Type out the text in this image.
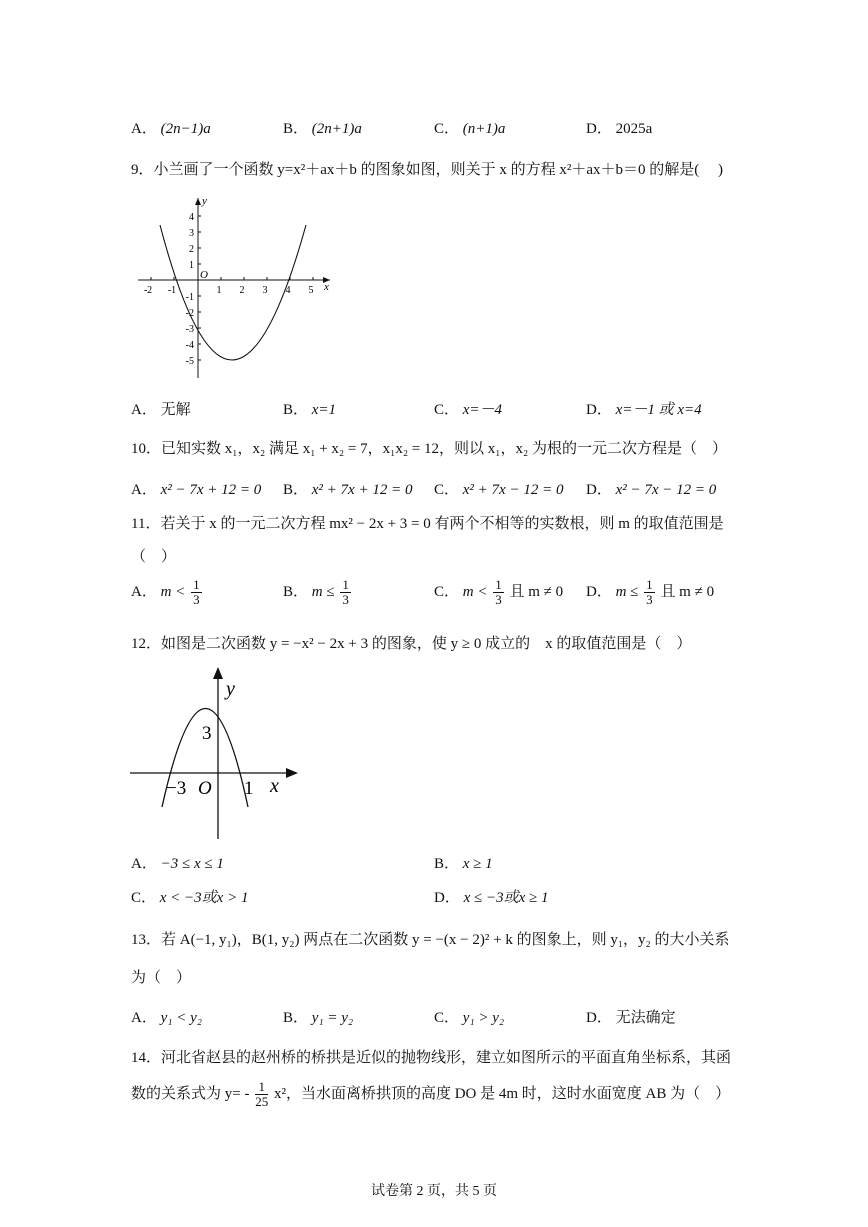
A． (2n−1)a	B． (2n+1)a	C． (n+1)a	D． 2025a
9．小兰画了一个函数 y=x²＋ax＋b 的图象如图，则关于 x 的方程 x²＋ax＋b＝0 的解是(　 )
y
x
O
-2 -1	1 2 3 4 5
4
3
2
1
-1
-2
-3
-4
-5
A． 无解	B． x=1	C． x=－4	D． x=－1 或 x=4
10．已知实数 x₁，x₂ 满足 x₁ + x₂ = 7，x₁x₂ = 12，则以 x₁，x₂ 为根的一元二次方程是（　）
A． x² − 7x + 12 = 0 B． x² + 7x + 12 = 0 C． x² + 7x − 12 = 0 D． x² − 7x − 12 = 0
11．若关于 x 的一元二次方程 mx² − 2x + 3 = 0 有两个不相等的实数根，则 m 的取值范围是
（　）
A． $m < \frac{1}{3}$	B． $m \le \frac{1}{3}$	C． $m < \frac{1}{3}$ 且 m ≠ 0 D． $m \le \frac{1}{3}$ 且 m ≠ 0
12．如图是二次函数 y = −x² − 2x + 3 的图象，使 y ≥ 0 成立的　x 的取值范围是（　）
y
x
3
−3 O 1
A． −3 ≤ x ≤ 1	B． x ≥ 1
C． x < −3或x > 1	D． x ≤ −3或x ≥ 1
13．若 A(−1, y₁)，B(1, y₂) 两点在二次函数 y = −(x − 2)² + k 的图象上，则 y₁，y₂ 的大小关系
为（　）
A． y₁ < y₂	B． y₁ = y₂	C． y₁ > y₂	D． 无法确定
14．河北省赵县的赵州桥的桥拱是近似的抛物线形，建立如图所示的平面直角坐标系，其函
数的关系式为 $y= - \frac{1}{25} x^2$，当水面离桥拱顶的高度 DO 是 4m 时，这时水面宽度 AB 为（　）
试卷第 2 页，共 5 页
